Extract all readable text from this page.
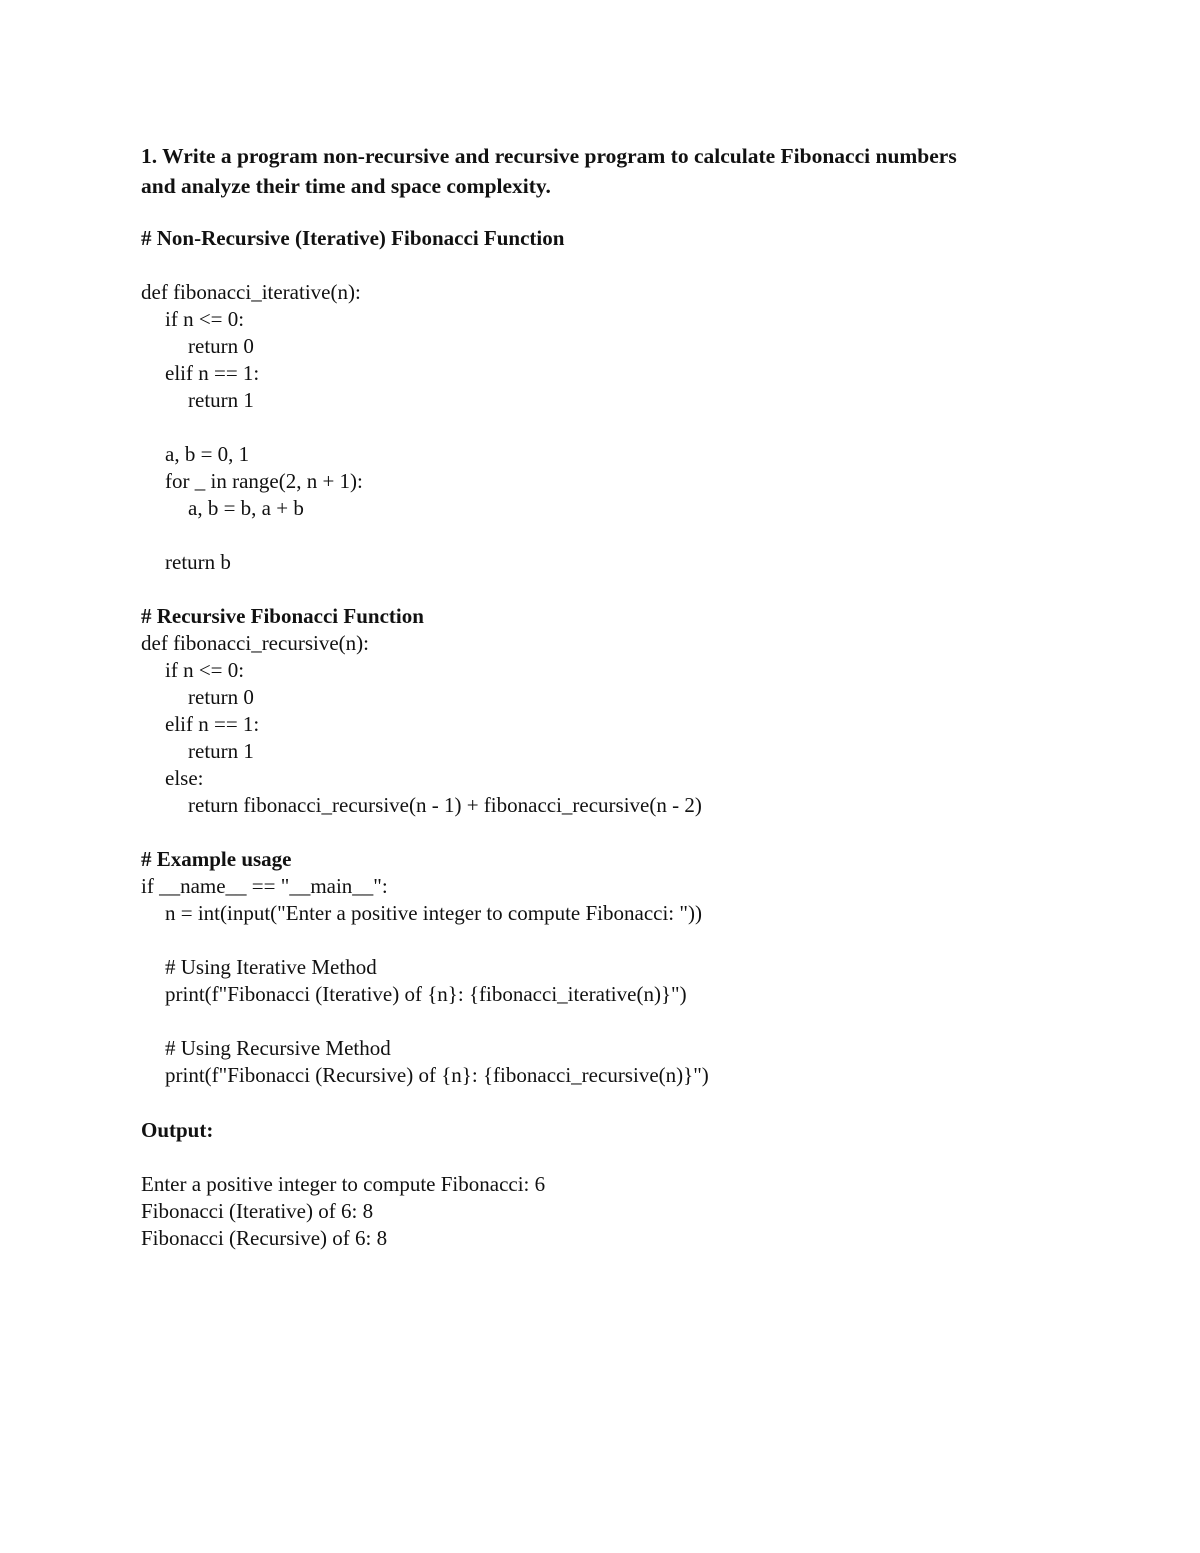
1. Write a program non-recursive and recursive program to calculate Fibonacci numbers
and analyze their time and space complexity.
# Non-Recursive (Iterative) Fibonacci Function
def fibonacci_iterative(n):
if n <= 0:
return 0
elif n == 1:
return 1
a, b = 0, 1
for _ in range(2, n + 1):
a, b = b, a + b
return b
# Recursive Fibonacci Function
def fibonacci_recursive(n):
if n <= 0:
return 0
elif n == 1:
return 1
else:
return fibonacci_recursive(n - 1) + fibonacci_recursive(n - 2)
# Example usage
if __name__ == "__main__":
n = int(input("Enter a positive integer to compute Fibonacci: "))
# Using Iterative Method
print(f"Fibonacci (Iterative) of {n}: {fibonacci_iterative(n)}")
# Using Recursive Method
print(f"Fibonacci (Recursive) of {n}: {fibonacci_recursive(n)}")
Output:
Enter a positive integer to compute Fibonacci: 6
Fibonacci (Iterative) of 6: 8
Fibonacci (Recursive) of 6: 8
